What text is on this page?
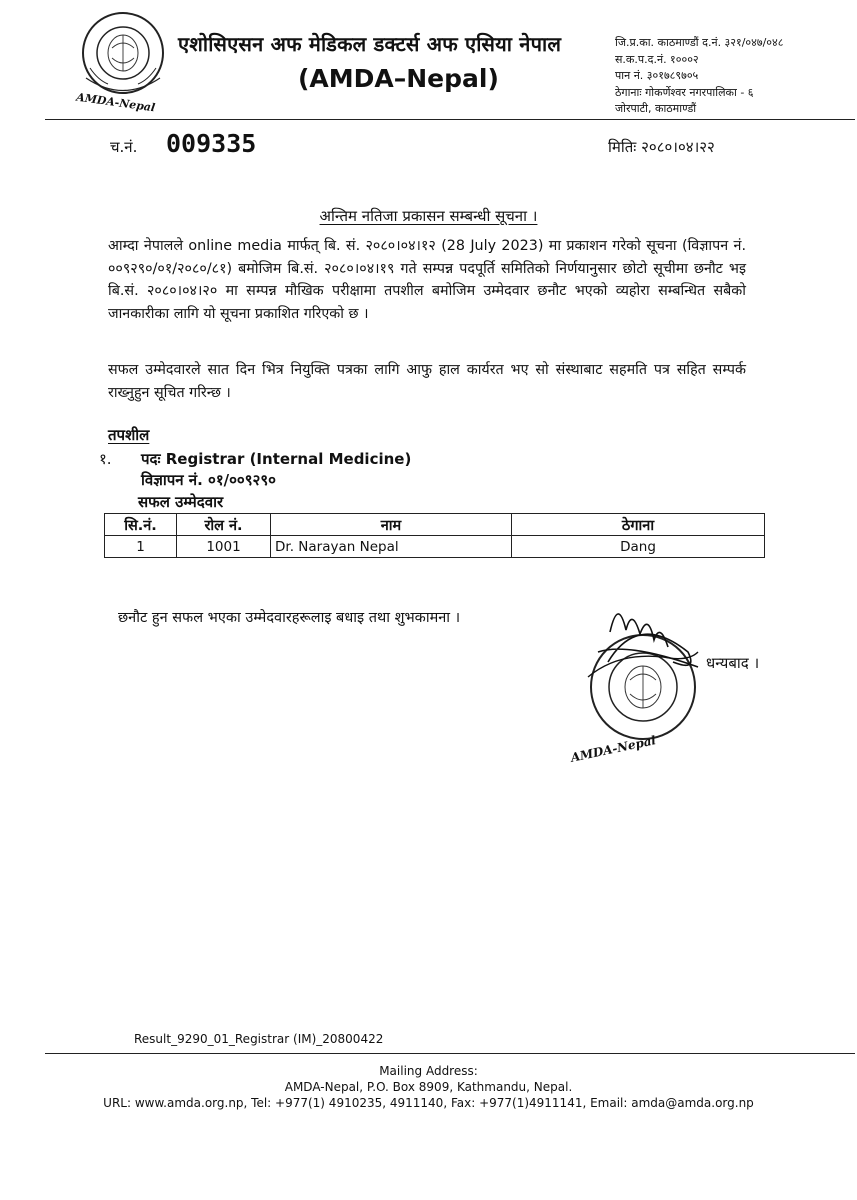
AMDA-Nepal
एशोसिएसन अफ मेडिकल डक्टर्स अफ एसिया नेपाल
(AMDA–Nepal)
जि.प्र.का. काठमाण्डौं द.नं. ३२१/०४७/०४८
स.क.प.द.नं. १०००२
पान नं. ३०१७८९७०५
ठेगानाः गोकर्णेश्वर नगरपालिका - ६
जोरपाटी, काठमाण्डौं
च.नं. 009335	मितिः २०८०।०४।२२
अन्तिम नतिजा प्रकासन सम्बन्धी सूचना ।
आम्दा नेपालले online media मार्फत् बि. सं. २०८०।०४।१२ (28 July 2023) मा प्रकाशन गरेको सूचना (विज्ञापन नं. ००९२९०/०१/२०८०/८१) बमोजिम बि.सं. २०८०।०४।१९ गते सम्पन्न पदपूर्ति समितिको निर्णयानुसार छोटो सूचीमा छनौट भइ बि.सं. २०८०।०४।२० मा सम्पन्न मौखिक परीक्षामा तपशील बमोजिम उम्मेदवार छनौट भएको व्यहोरा सम्बन्धित सबैको जानकारीका लागि यो सूचना प्रकाशित गरिएको छ ।
सफल उम्मेदवारले सात दिन भित्र नियुक्ति पत्रका लागि आफु हाल कार्यरत भए सो संस्थाबाट सहमति पत्र सहित सम्पर्क राख्नुहुन सूचित गरिन्छ ।
तपशील
१. पदः Registrar (Internal Medicine)
विज्ञापन नं. ०१/००९२९०
सफल उम्मेदवार
सि.नं.	रोल नं.	नाम	ठेगाना
1	1001	Dr. Narayan Nepal	Dang
छनौट हुन सफल भएका उम्मेदवारहरूलाइ बधाइ तथा शुभकामना ।
AMDA-Nepal
धन्यबाद ।
Result_9290_01_Registrar (IM)_20800422
Mailing Address:
AMDA-Nepal, P.O. Box 8909, Kathmandu, Nepal.
URL: www.amda.org.np, Tel: +977(1) 4910235, 4911140, Fax: +977(1)4911141, Email: amda@amda.org.np
